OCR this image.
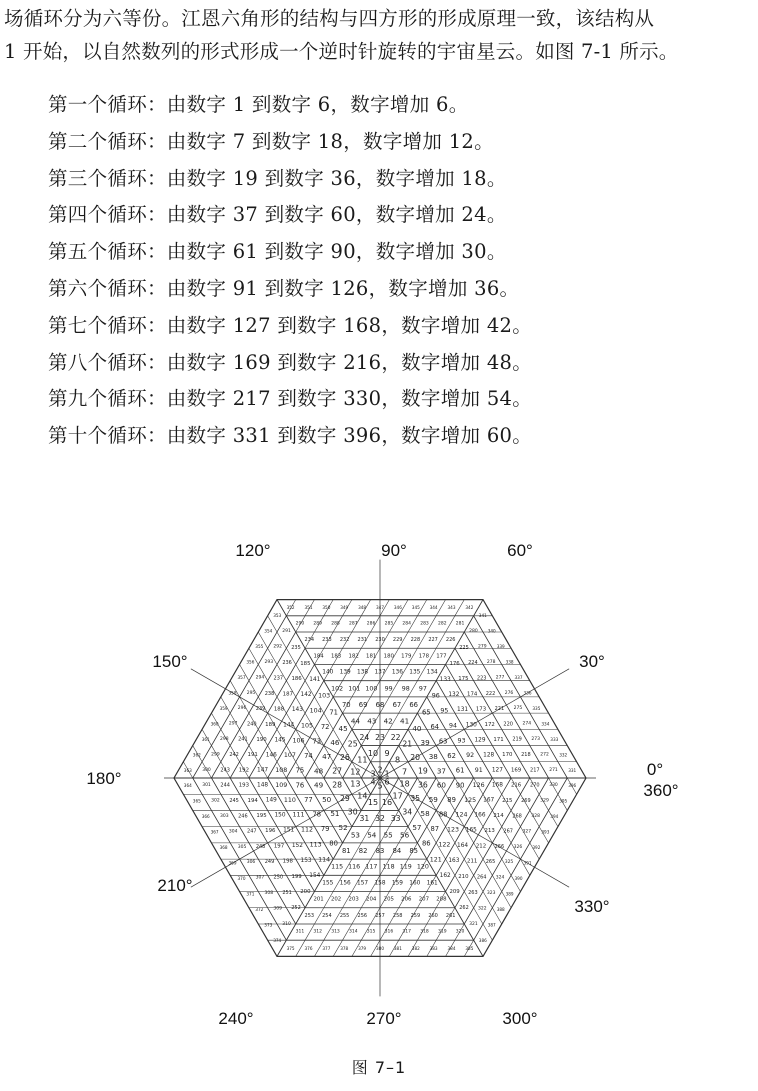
场循环分为六等份。江恩六角形的结构与四方形的形成原理一致，该结构从
1 开始，以自然数列的形式形成一个逆时针旋转的宇宙星云。如图 7-1 所示。
第一个循环：由数字 1 到数字 6，数字增加 6。
第二个循环：由数字 7 到数字 18，数字增加 12。
第三个循环：由数字 19 到数字 36，数字增加 18。
第四个循环：由数字 37 到数字 60，数字增加 24。
第五个循环：由数字 61 到数字 90，数字增加 30。
第六个循环：由数字 91 到数字 126，数字增加 36。
第七个循环：由数字 127 到数字 168，数字增加 42。
第八个循环：由数字 169 到数字 216，数字增加 48。
第九个循环：由数字 217 到数字 330，数字增加 54。
第十个循环：由数字 331 到数字 396，数字增加 60。
1
2
3
4 5 6
7
8
9
10
11
12
13
14
15 16
17
18
19
20
21
22
23
24
25
26
27
28
29
30
31 32 33
34
35
36
37
38
39
40
41
42
43
44
45
46
47
48
49
50
51
52
53 54 55 56
57
58
59
60
61
62
63
64
65
66
67
68
69
70
71
72
73
74
75
76
77
78
79
80
81 82 83 84 85
86
87
88
89
90
91
92
93
94
95
96
97
98
99
100
101
102
103
104
105
106
107
108
109
110
111
112
113
114
115 116 117 118 119 120
121
122
123
124
125
126
127
128
129
130
131
132
133
134
135
136
137
138
139
140
141
142
143
144
145
146
147
148
149
150
151
152
153
154
155 156 157 158 159 160 161
162
163
164
165
166
167
168
169
170
171
172
173
174
175
176
177
178
179
180
181
182
183
184
185
186
187
188
189
190
191
192
193
194
195
196
197
198
199
200
201 202 203 204 205 206 207 208
209
210
211
212
213
214
215
216
217
218
219
220
221
222
223
224
225
226
227
228
229
230
231
232
233
234
235
236
237
238
239
240
241
242
243
244
245
246
247
248
249
250
251
252
253 254 255 256 257 258 259 260 261
262
263
264
265
266
267
268
269
270
271
272
273
274
275
276
277
278
279
280
281
282
283
284
285
286
287
288
289
290
291
292
293
294
295
296
297
298
299
300
301
302
303
304
305
306
307
308
309
310
311 312 313 314 315 316 317 318 319 320
321
322
323
324
325
326
327
328
329
330
331
332
333
334
335
336
337
338
339
340
341
342
343
344
345
346
347
348
349
350
351
352
353
354
355
356
357
358
359
360
361
362
363
364
365
366
367
368
369
370
371
372
373
374
375 376 377 378 379 380 381 382 383 384 385
386
387
388
389
390
391
392
393
394
395
396
90°	60°
120°
30°
150°
180°	0°
360°
210°
330°
240°	270°	300°
图 7–1
